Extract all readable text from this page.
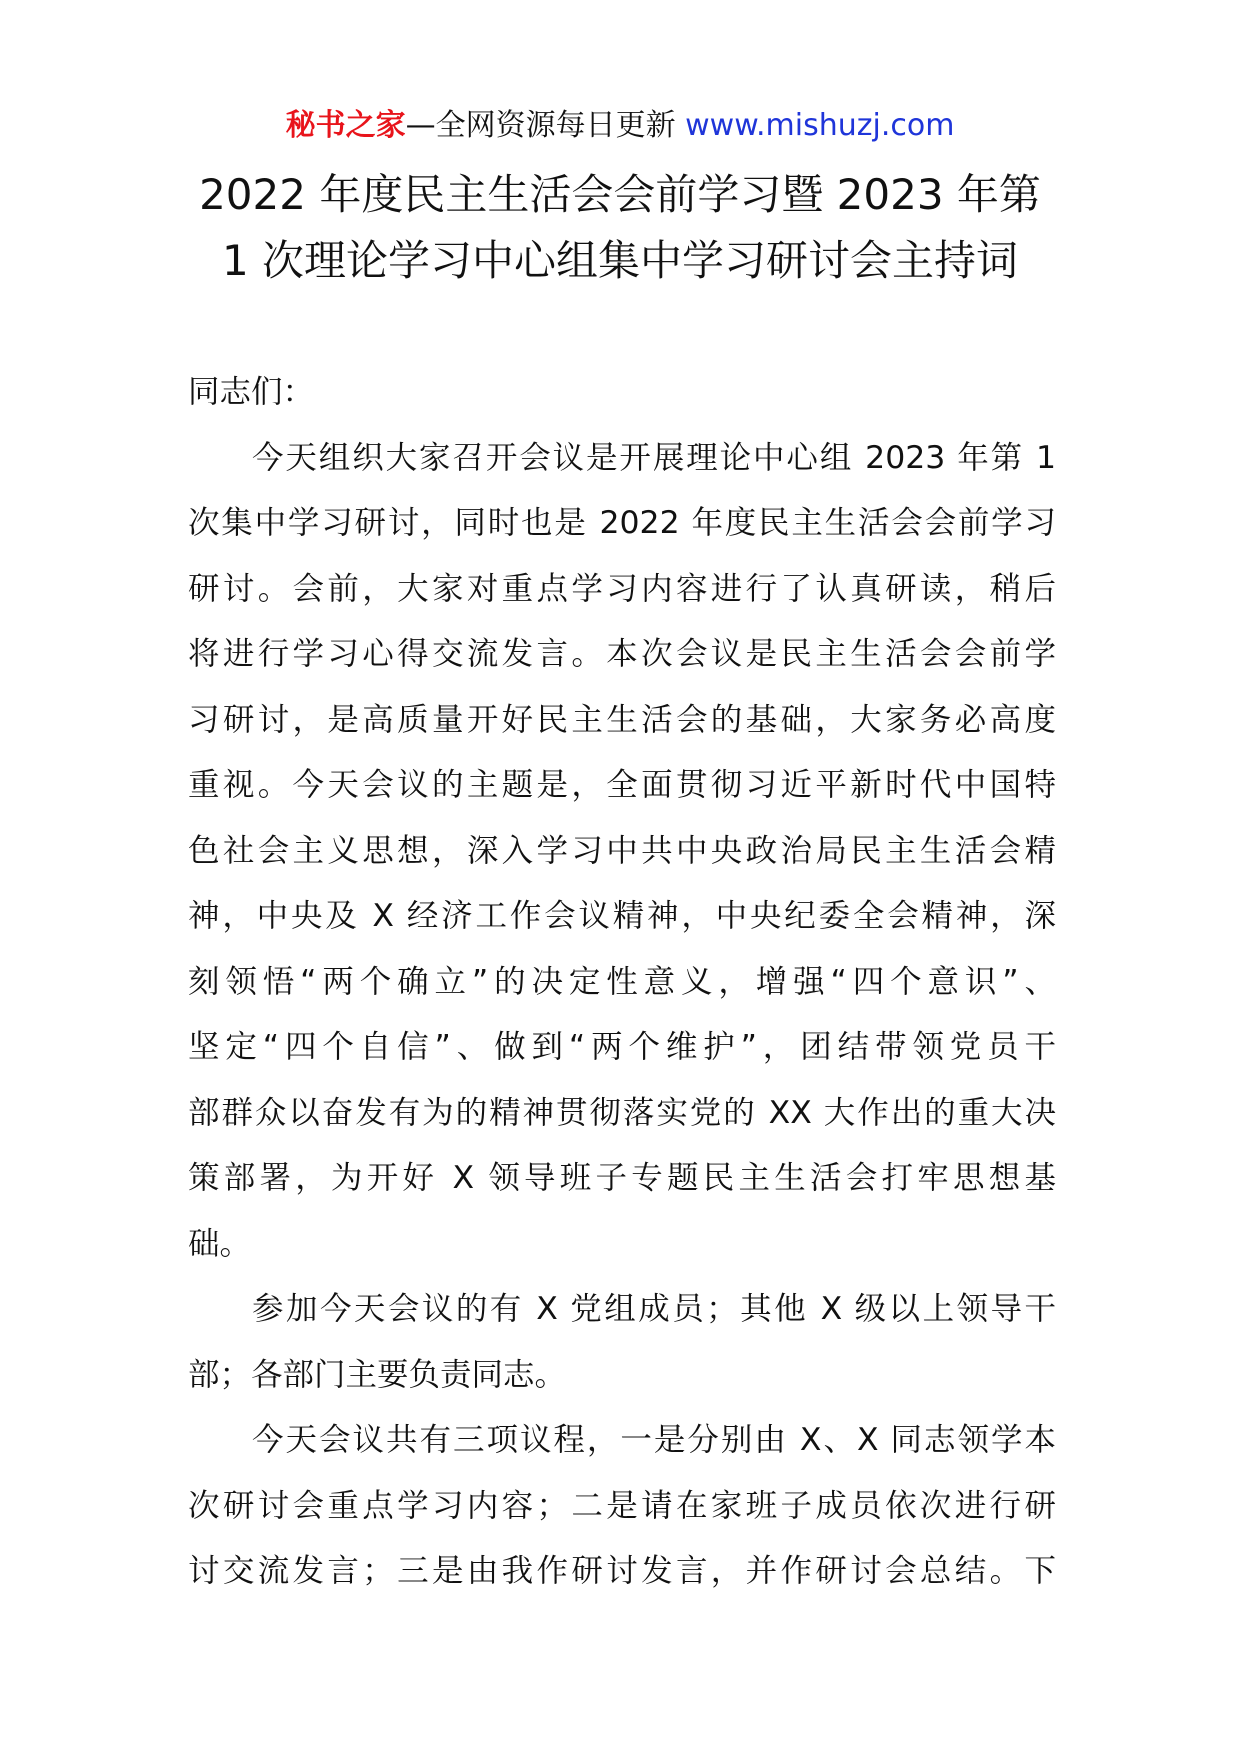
秘书之家—全网资源每日更新 www.mishuzj.com
2022 年度民主生活会会前学习暨 2023 年第
1 次理论学习中心组集中学习研讨会主持词
同志们：
今天组织大家召开会议是开展理论中心组 2023 年第 1
次集中学习研讨，同时也是 2022 年度民主生活会会前学习
研讨。会前，大家对重点学习内容进行了认真研读，稍后
将进行学习心得交流发言。本次会议是民主生活会会前学
习研讨，是高质量开好民主生活会的基础，大家务必高度
重视。今天会议的主题是，全面贯彻习近平新时代中国特
色社会主义思想，深入学习中共中央政治局民主生活会精
神，中央及 X 经济工作会议精神，中央纪委全会精神，深
刻领悟“两个确立”的决定性意义，增强“四个意识”、
坚定“四个自信”、做到“两个维护”，团结带领党员干
部群众以奋发有为的精神贯彻落实党的 XX 大作出的重大决
策部署，为开好 X 领导班子专题民主生活会打牢思想基
础。
参加今天会议的有 X 党组成员；其他 X 级以上领导干
部；各部门主要负责同志。
今天会议共有三项议程，一是分别由 X、X 同志领学本
次研讨会重点学习内容；二是请在家班子成员依次进行研
讨交流发言；三是由我作研讨发言，并作研讨会总结。下
